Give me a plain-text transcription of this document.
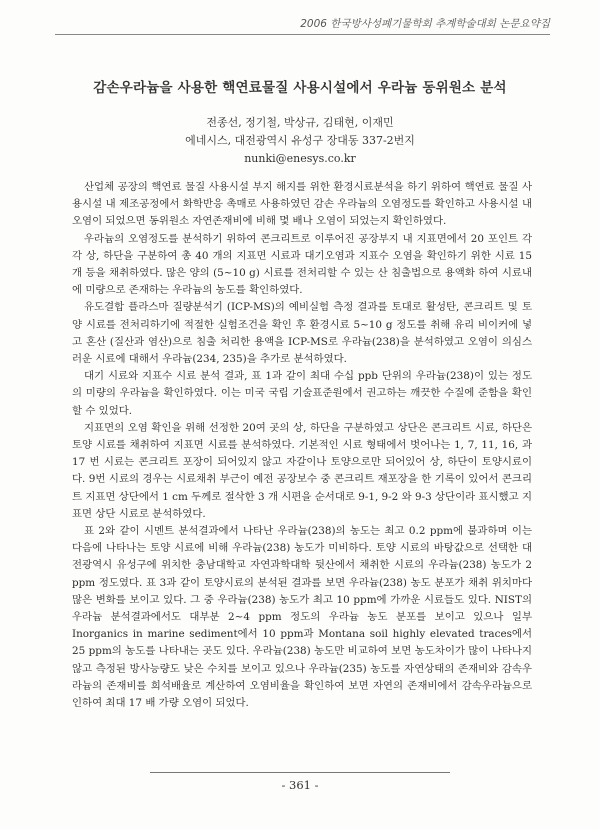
2006 한국방사성폐기물학회 추계학술대회 논문요약집
감손우라늄을 사용한 핵연료물질 사용시설에서 우라늄 동위원소 분석
전종선, 정기철, 박상규, 김태현, 이재민
에네시스, 대전광역시 유성구 장대동 337-2번지
nunki@enesys.co.kr

산업체 공장의 핵연료 물질 사용시설 부지 해지를 위한 환경시료분석을 하기 위하여 핵연료 물질 사용시설 내 제조공정에서 화학반응 촉매로 사용하였던 감손 우라늄의 오염정도를 확인하고 사용시설 내 오염이 되었으면 동위원소 자연존재비에 비해 몇 배나 오염이 되었는지 확인하였다.

우라늄의 오염정도를 분석하기 위하여 콘크리트로 이루어진 공장부지 내 지표면에서 20 포인트 각각 상, 하단을 구분하여 총 40 개의 지표면 시료과 대기오염과 지표수 오염을 확인하기 위한 시료 15 개 등을 채취하였다. 많은 양의 (5~10 g) 시료를 전처리할 수 있는 산 침출법으로 용액화 하여 시료내에 미량으로 존재하는 우라늄의 농도를 확인하였다.

유도결합 플라스마 질량분석기 (ICP-MS)의 예비실험 측정 결과를 토대로 활성탄, 콘크리트 및 토양 시료를 전처리하기에 적절한 실험조건을 확인 후 환경시료 5~10 g 정도를 취해 유리 비이커에 넣고 혼산 (질산과 염산)으로 침출 처리한 용액을 ICP-MS로 우라늄(238)을 분석하였고 오염이 의심스러운 시료에 대해서 우라늄(234, 235)을 추가로 분석하였다.

대기 시료와 지표수 시료 분석 결과, 표 1과 같이 최대 수십 ppb 단위의 우라늄(238)이 있는 정도의 미량의 우라늄을 확인하였다. 이는 미국 국립 기술표준원에서 권고하는 깨끗한 수질에 준함을 확인 할 수 있었다.

지표면의 오염 확인을 위해 선정한 20여 곳의 상, 하단을 구분하였고 상단은 콘크리트 시료, 하단은 토양 시료를 채취하여 지표면 시료를 분석하였다. 기본적인 시료 형태에서 벗어나는 1, 7, 11, 16, 과 17 번 시료는 콘크리트 포장이 되어있지 않고 자갈이나 토양으로만 되어있어 상, 하단이 토양시료이다. 9번 시료의 경우는 시료채취 부근이 예전 공장보수 중 콘크리트 재포장을 한 기록이 있어서 콘크리트 지표면 상단에서 1 cm 두께로 절삭한 3 개 시편을 순서대로 9-1, 9-2 와 9-3 상단이라 표시했고 지표면 상단 시료로 분석하였다.

표 2와 같이 시멘트 분석결과에서 나타난 우라늄(238)의 농도는 최고 0.2 ppm에 불과하며 이는 다음에 나타나는 토양 시료에 비해 우라늄(238) 농도가 미비하다. 토양 시료의 바탕값으로 선택한 대전광역시 유성구에 위치한 충남대학교 자연과학대학 뒷산에서 채취한 시료의 우라늄(238) 농도가 2 ppm 정도였다. 표 3과 같이 토양시료의 분석된 결과를 보면 우라늄(238) 농도 분포가 채취 위치마다 많은 변화를 보이고 있다. 그 중 우라늄(238) 농도가 최고 10 ppm에 가까운 시료들도 있다. NIST의 우라늄 분석결과에서도 대부분 2~4 ppm 정도의 우라늄 농도 분포를 보이고 있으나 일부 Inorganics in marine sediment에서 10 ppm과 Montana soil highly elevated traces에서 25 ppm의 농도를 나타내는 곳도 있다. 우라늄(238) 농도만 비교하여 보면 농도차이가 많이 나타나지 않고 측정된 방사능량도 낮은 수치를 보이고 있으나 우라늄(235) 농도를 자연상태의 존재비와 감속우라늄의 존재비를 희석배율로 계산하여 오염비율을 확인하여 보면 자연의 존재비에서 감속우라늄으로 인하여 최대 17 배 가량 오염이 되었다.

- 361 -
